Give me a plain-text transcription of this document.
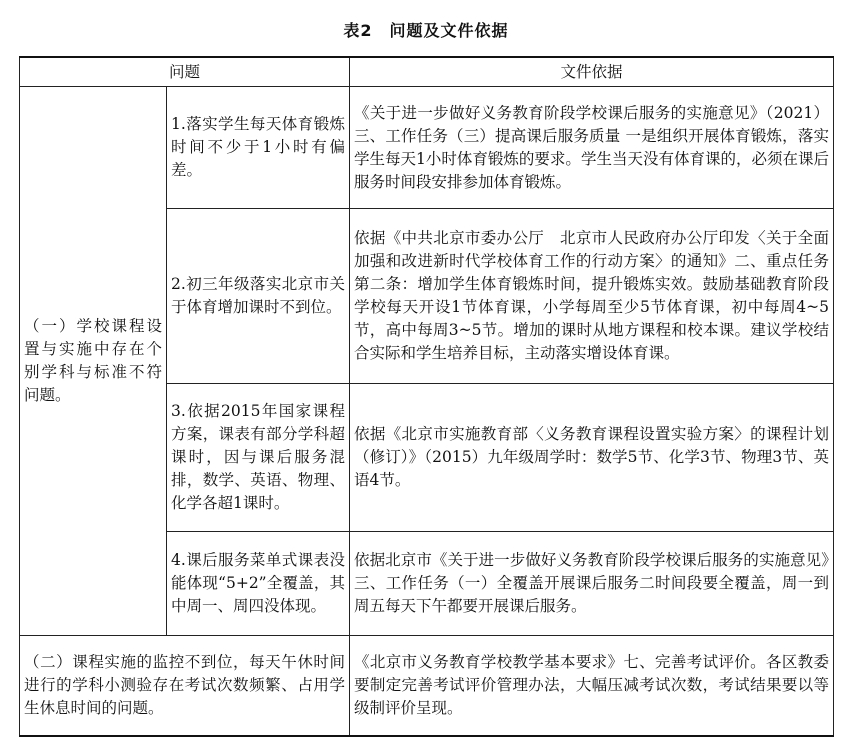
表2　问题及文件依据
问题		文件依据
（一）学校课程设置与实施中存在个别学科与标准不符问题。	1.落实学生每天体育锻炼时间不少于1小时有偏差。	《关于进一步做好义务教育阶段学校课后服务的实施意见》（2021）三、工作任务（三）提高课后服务质量 一是组织开展体育锻炼，落实学生每天1小时体育锻炼的要求。学生当天没有体育课的，必须在课后服务时间段安排参加体育锻炼。
	2.初三年级落实北京市关于体育增加课时不到位。	依据《中共北京市委办公厅　北京市人民政府办公厅印发〈关于全面加强和改进新时代学校体育工作的行动方案〉的通知》二、重点任务第二条：增加学生体育锻炼时间，提升锻炼实效。鼓励基础教育阶段学校每天开设1节体育课，小学每周至少5节体育课，初中每周4~5节，高中每周3~5节。增加的课时从地方课程和校本课。建议学校结合实际和学生培养目标，主动落实增设体育课。
	3.依据2015年国家课程方案，课表有部分学科超课时，因与课后服务混排，数学、英语、物理、化学各超1课时。	依据《北京市实施教育部〈义务教育课程设置实验方案〉的课程计划（修订）》（2015）九年级周学时：数学5节、化学3节、物理3节、英语4节。
	4.课后服务菜单式课表没能体现“5+2”全覆盖，其中周一、周四没体现。	依据北京市《关于进一步做好义务教育阶段学校课后服务的实施意见》三、工作任务（一）全覆盖开展课后服务二时间段要全覆盖，周一到周五每天下午都要开展课后服务。
（二）课程实施的监控不到位，每天午休时间进行的学科小测验存在考试次数频繁、占用学生休息时间的问题。		《北京市义务教育学校教学基本要求》七、完善考试评价。各区教委要制定完善考试评价管理办法，大幅压减考试次数，考试结果要以等级制评价呈现。
